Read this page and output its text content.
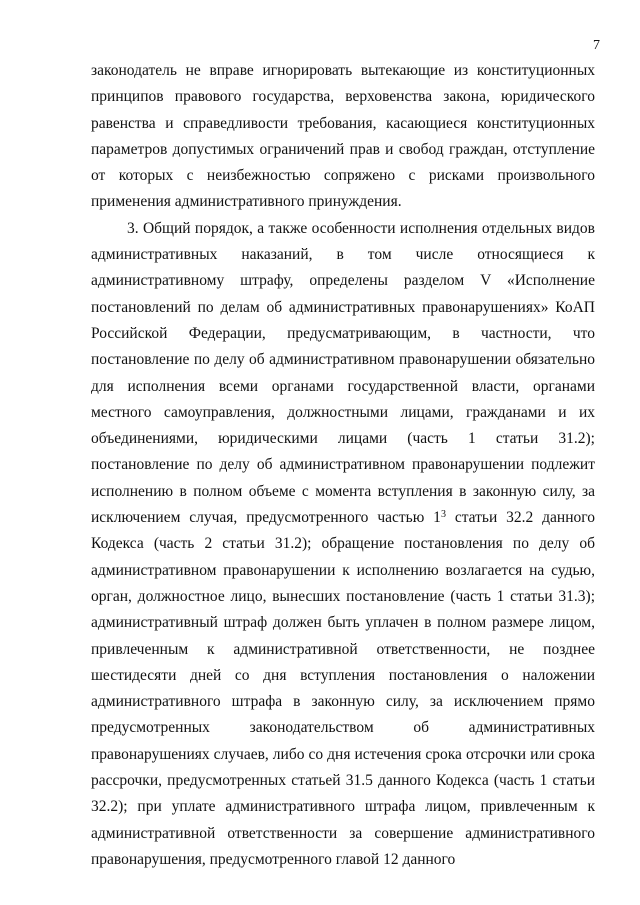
7

законодатель не вправе игнорировать вытекающие из конституционных принципов правового государства, верховенства закона, юридического равенства и справедливости требования, касающиеся конституционных параметров допустимых ограничений прав и свобод граждан, отступление от которых с неизбежностью сопряжено с рисками произвольного применения административного принуждения.

3. Общий порядок, а также особенности исполнения отдельных видов административных наказаний, в том числе относящиеся к административному штрафу, определены разделом V «Исполнение постановлений по делам об административных правонарушениях» КоАП Российской Федерации, предусматривающим, в частности, что постановление по делу об административном правонарушении обязательно для исполнения всеми органами государственной власти, органами местного самоуправления, должностными лицами, гражданами и их объединениями, юридическими лицами (часть 1 статьи 31.2); постановление по делу об административном правонарушении подлежит исполнению в полном объеме с момента вступления в законную силу, за исключением случая, предусмотренного частью $1^3$ статьи 32.2 данного Кодекса (часть 2 статьи 31.2); обращение постановления по делу об административном правонарушении к исполнению возлагается на судью, орган, должностное лицо, вынесших постановление (часть 1 статьи 31.3); административный штраф должен быть уплачен в полном размере лицом, привлеченным к административной ответственности, не позднее шестидесяти дней со дня вступления постановления о наложении административного штрафа в законную силу, за исключением прямо предусмотренных законодательством об административных правонарушениях случаев, либо со дня истечения срока отсрочки или срока рассрочки, предусмотренных статьей 31.5 данного Кодекса (часть 1 статьи 32.2); при уплате административного штрафа лицом, привлеченным к административной ответственности за совершение административного правонарушения, предусмотренного главой 12 данного
